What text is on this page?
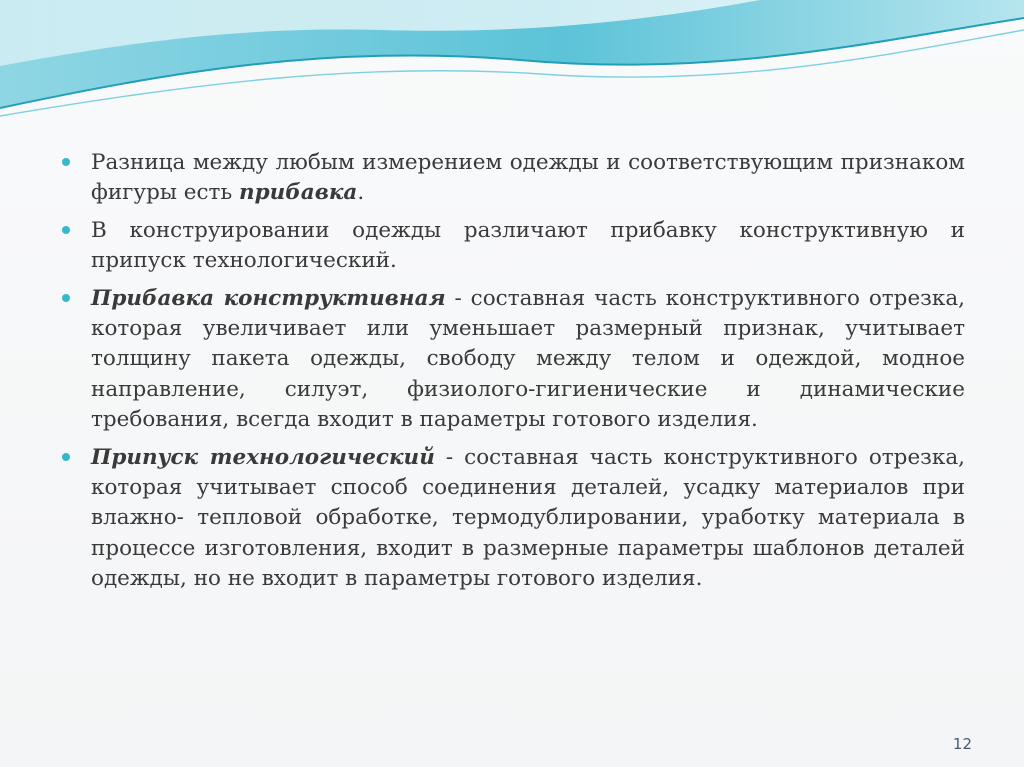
Разница между любым измерением одежды и соответствующим признаком фигуры есть прибавка.
В конструировании одежды различают прибавку конструктивную и припуск технологический.
Прибавка конструктивная - составная часть конструктивного отрезка, которая увеличивает или уменьшает размерный признак, учитывает толщину пакета одежды, свободу между телом и одеждой, модное направление, силуэт, физиолого-гигиенические и динамические требования, всегда входит в параметры готового изделия.
Припуск технологический - составная часть конструктивного отрезка, которая учитывает способ соединения деталей, усадку материалов при влажно- тепловой обработке, термодублировании, уработку материала в процессе изготовления, входит в размерные параметры шаблонов деталей одежды, но не входит в параметры готового изделия.
12
